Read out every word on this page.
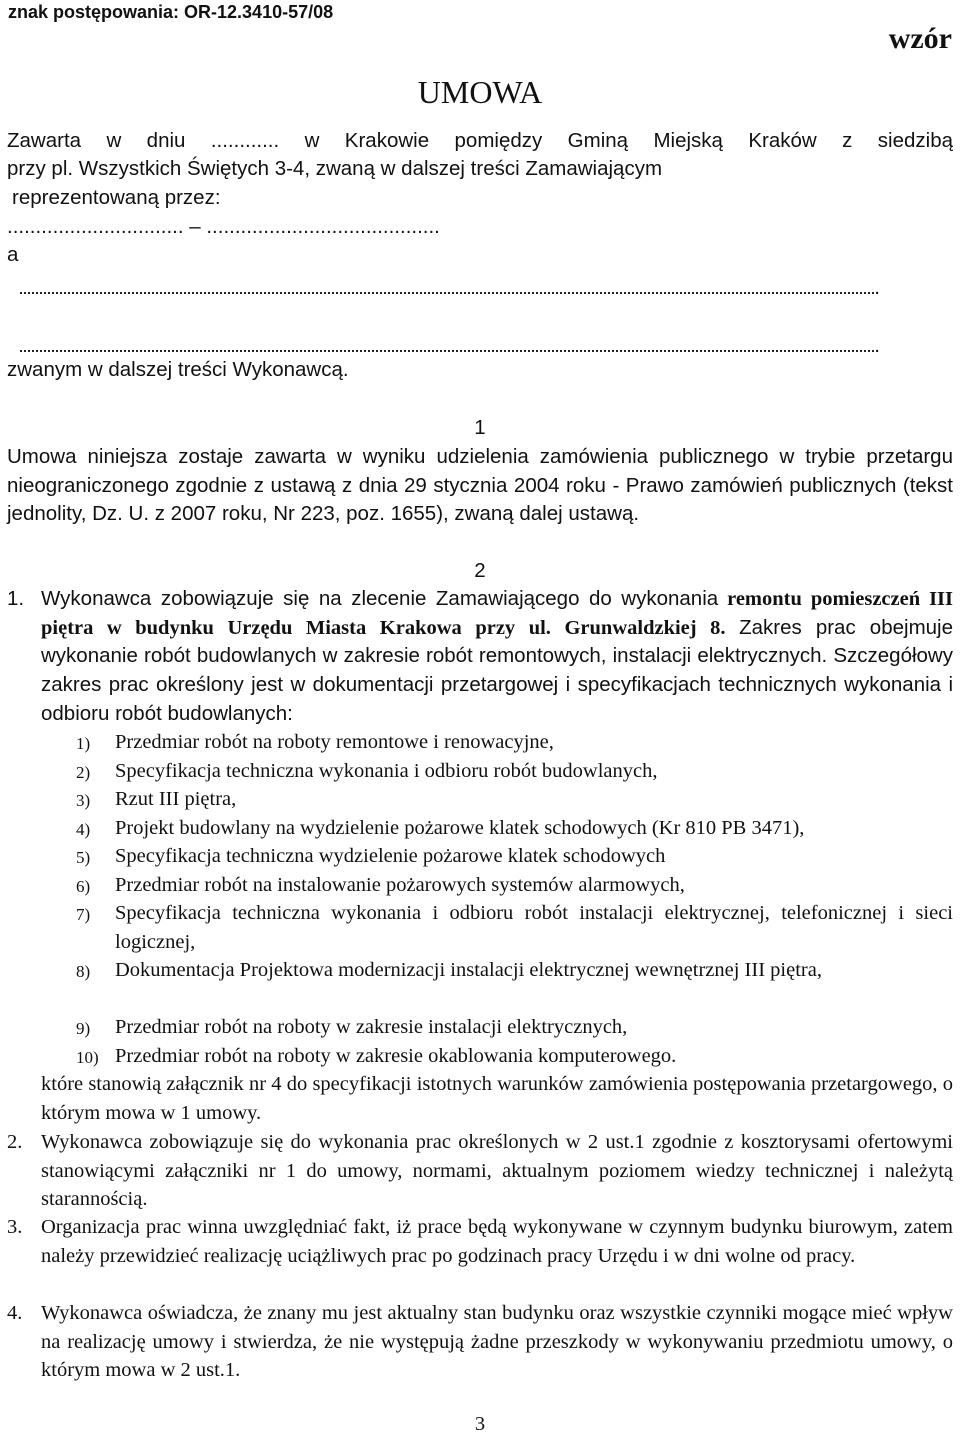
znak postępowania: OR-12.3410-57/08
wzór
UMOWA
Zawarta w dniu ............ w Krakowie pomiędzy Gminą Miejską Kraków z siedzibą
przy pl. Wszystkich Świętych 3-4, zwaną w dalszej treści Zamawiającym
reprezentowaną przez:
............................... – .........................................
a
.
.
zwanym w dalszej treści Wykonawcą.
1
Umowa niniejsza zostaje zawarta w wyniku udzielenia zamówienia publicznego w trybie przetargu nieograniczonego zgodnie z ustawą z dnia 29 stycznia 2004 roku - Prawo zamówień publicznych (tekst jednolity, Dz. U. z 2007 roku, Nr 223, poz. 1655), zwaną dalej ustawą.
2
1. Wykonawca zobowiązuje się na zlecenie Zamawiającego do wykonania remontu pomieszczeń III piętra w budynku Urzędu Miasta Krakowa przy ul. Grunwaldzkiej 8. Zakres prac obejmuje wykonanie robót budowlanych w zakresie robót remontowych, instalacji elektrycznych. Szczegółowy zakres prac określony jest w dokumentacji przetargowej i specyfikacjach technicznych wykonania i odbioru robót budowlanych:
1)	Przedmiar robót na roboty remontowe i renowacyjne,
2)	Specyfikacja techniczna wykonania i odbioru robót budowlanych,
3)	Rzut III piętra,
4)	Projekt budowlany na wydzielenie pożarowe klatek schodowych (Kr 810 PB 3471),
5)	Specyfikacja techniczna wydzielenie pożarowe klatek schodowych
6)	Przedmiar robót na instalowanie pożarowych systemów alarmowych,
7)	Specyfikacja techniczna wykonania i odbioru robót instalacji elektrycznej, telefonicznej i sieci logicznej,
8)	Dokumentacja Projektowa modernizacji instalacji elektrycznej wewnętrznej III piętra,
9)	Przedmiar robót na roboty w zakresie instalacji elektrycznych,
10) Przedmiar robót na roboty w zakresie okablowania komputerowego.
które stanowią załącznik nr 4 do specyfikacji istotnych warunków zamówienia postępowania przetargowego, o którym mowa w 1 umowy.
2. Wykonawca zobowiązuje się do wykonania prac określonych w 2 ust.1 zgodnie z kosztorysami ofertowymi stanowiącymi załączniki nr 1 do umowy, normami, aktualnym poziomem wiedzy technicznej i należytą starannością.
3. Organizacja prac winna uwzględniać fakt, iż prace będą wykonywane w czynnym budynku biurowym, zatem należy przewidzieć realizację uciążliwych prac po godzinach pracy Urzędu i w dni wolne od pracy.
4. Wykonawca oświadcza, że znany mu jest aktualny stan budynku oraz wszystkie czynniki mogące mieć wpływ na realizację umowy i stwierdza, że nie występują żadne przeszkody w wykonywaniu przedmiotu umowy, o którym mowa w 2 ust.1.
3
